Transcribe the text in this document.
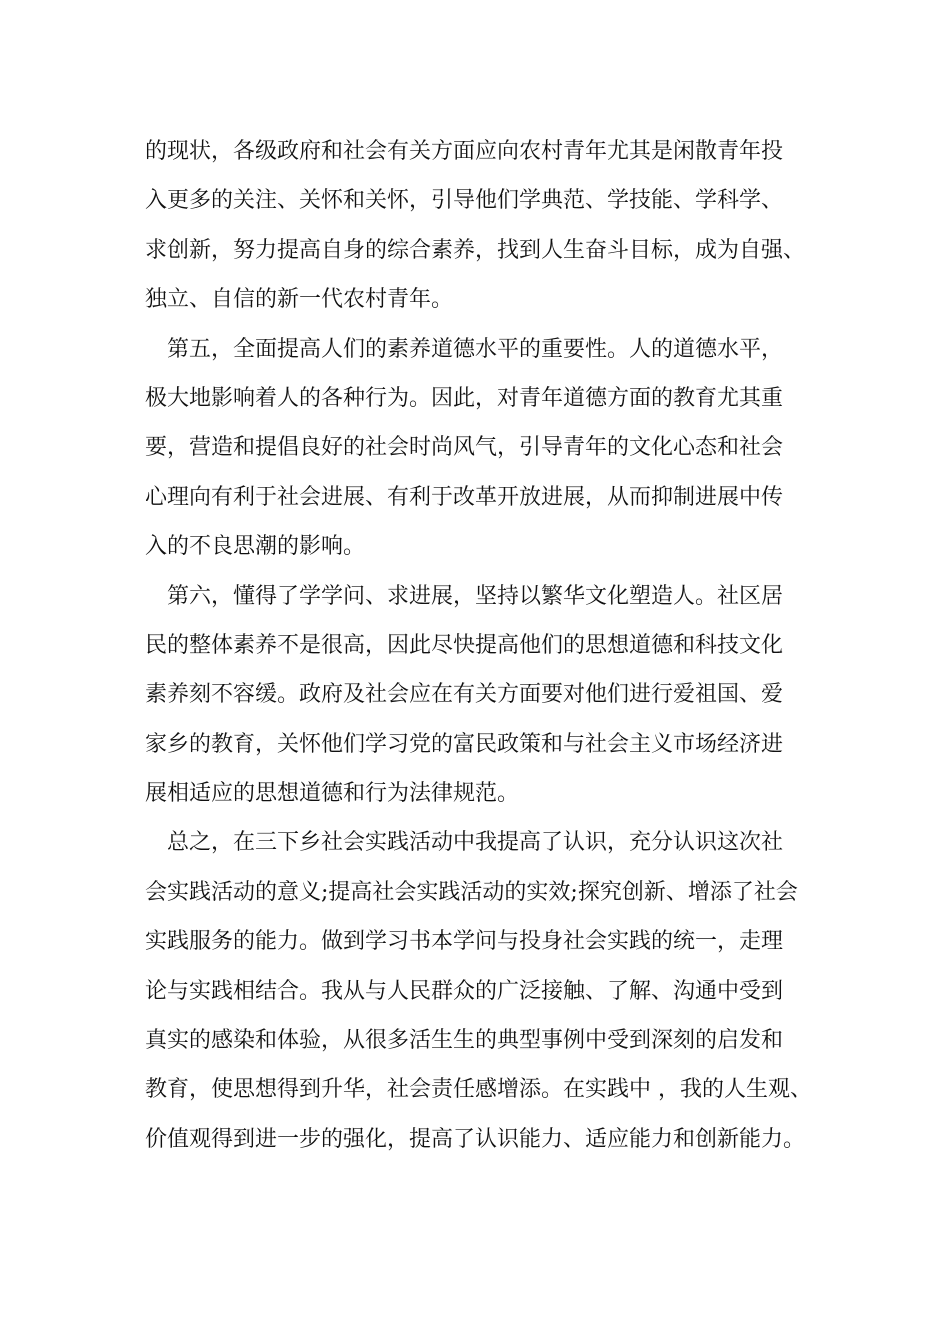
的现状，各级政府和社会有关方面应向农村青年尤其是闲散青年投
入更多的关注、关怀和关怀，引导他们学典范、学技能、学科学、
求创新，努力提高自身的综合素养，找到人生奋斗目标，成为自强、
独立、自信的新一代农村青年。
第五，全面提高人们的素养道德水平的重要性。人的道德水平，
极大地影响着人的各种行为。因此，对青年道德方面的教育尤其重
要，营造和提倡良好的社会时尚风气，引导青年的文化心态和社会
心理向有利于社会进展、有利于改革开放进展，从而抑制进展中传
入的不良思潮的影响。
第六，懂得了学学问、求进展，坚持以繁华文化塑造人。社区居
民的整体素养不是很高，因此尽快提高他们的思想道德和科技文化
素养刻不容缓。政府及社会应在有关方面要对他们进行爱祖国、爱
家乡的教育，关怀他们学习党的富民政策和与社会主义市场经济进
展相适应的思想道德和行为法律规范。
总之，在三下乡社会实践活动中我提高了认识，充分认识这次社
会实践活动的意义;提高社会实践活动的实效;探究创新、增添了社会
实践服务的能力。做到学习书本学问与投身社会实践的统一，走理
论与实践相结合。我从与人民群众的广泛接触、了解、沟通中受到
真实的感染和体验，从很多活生生的典型事例中受到深刻的启发和
教育，使思想得到升华，社会责任感增添。在实践中 ，我的人生观、
价值观得到进一步的强化，提高了认识能力、适应能力和创新能力。
